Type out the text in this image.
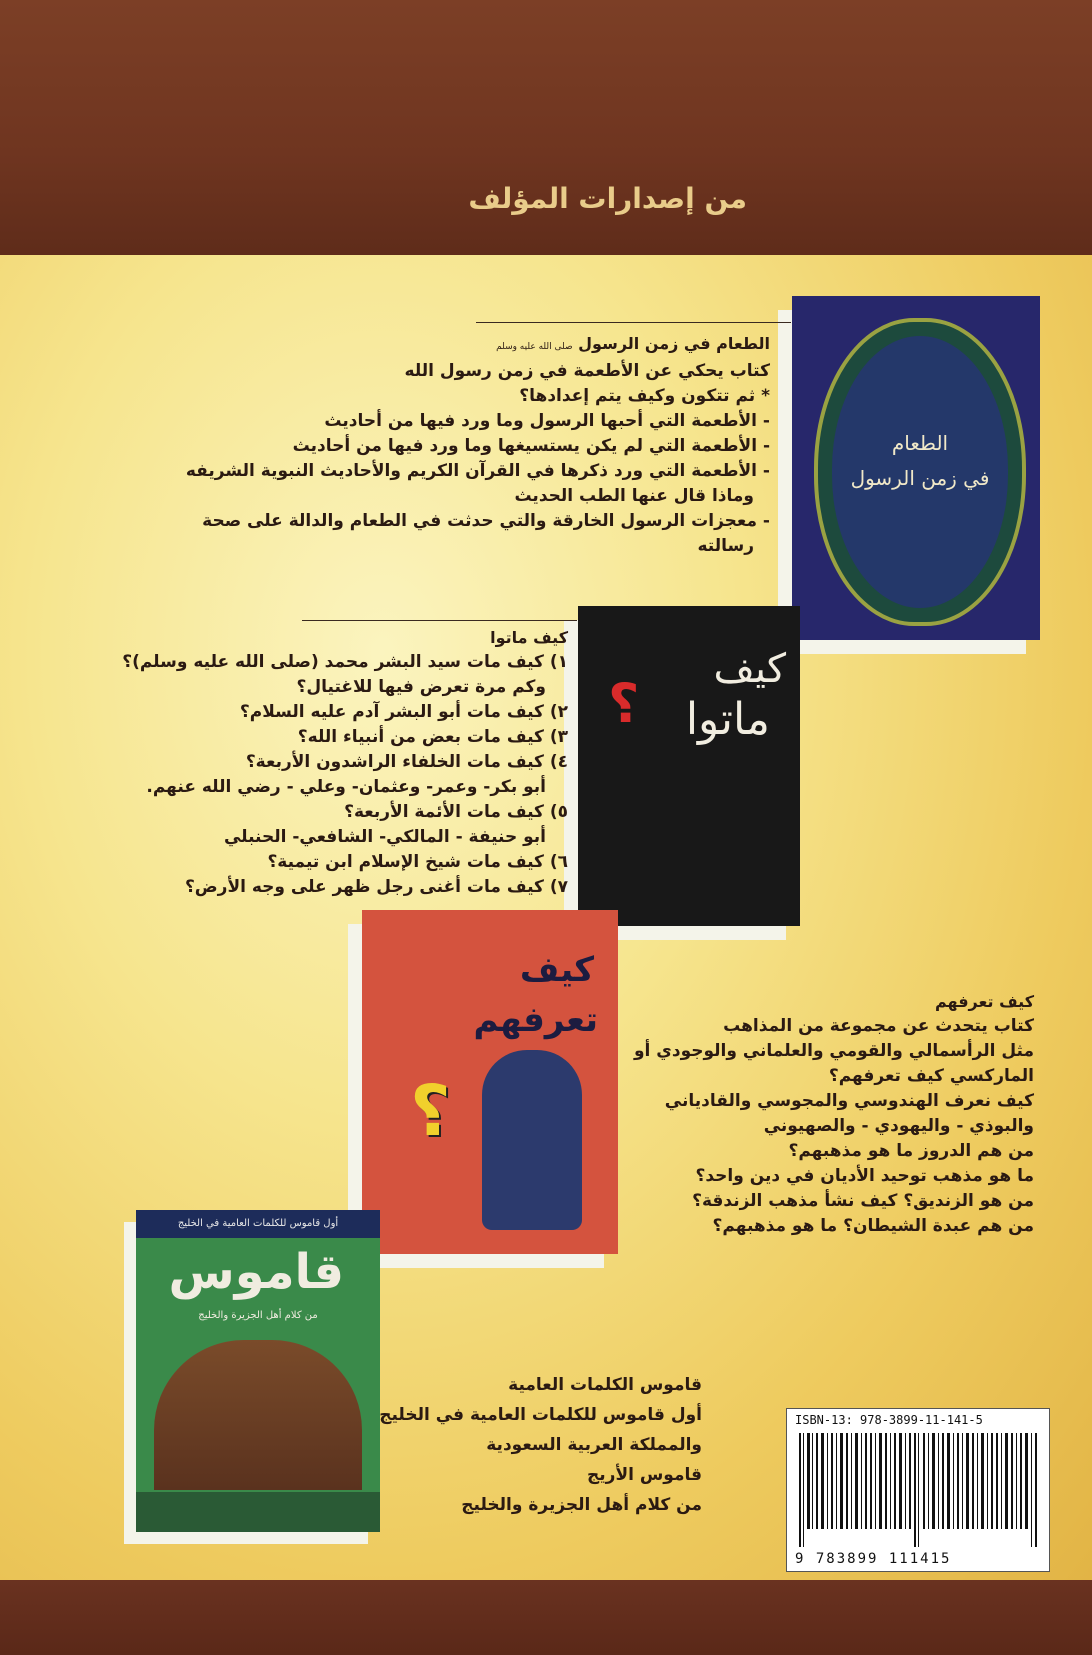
من إصدارات المؤلف
الطعام
في زمن الرسول
الطعام في زمن الرسول صلى الله عليه وسلم
كتاب يحكي عن الأطعمة في زمن رسول الله
* ثم تتكون وكيف يتم إعدادها؟
- الأطعمة التي أحبها الرسول وما ورد فيها من أحاديث
- الأطعمة التي لم يكن يستسيغها وما ورد فيها من أحاديث
- الأطعمة التي ورد ذكرها في القرآن الكريم والأحاديث النبوية الشريفه
وماذا قال عنها الطب الحديث
- معجزات الرسول الخارقة والتي حدثت في الطعام والدالة على صحة
رسالته
كيف
ماتوا
؟
كيف ماتوا
١) كيف مات سيد البشر محمد (صلى الله عليه وسلم)؟
وكم مرة تعرض فيها للاغتيال؟
٢) كيف مات أبو البشر آدم عليه السلام؟
٣) كيف مات بعض من أنبياء الله؟
٤) كيف مات الخلفاء الراشدون الأربعة؟
أبو بكر- وعمر- وعثمان- وعلي - رضي الله عنهم.
٥) كيف مات الأئمة الأربعة؟
أبو حنيفة - المالكي- الشافعي- الحنبلي
٦) كيف مات شيخ الإسلام ابن تيمية؟
٧) كيف مات أغنى رجل ظهر على وجه الأرض؟
كيف
تعرفهم
؟
كيف تعرفهم
كتاب يتحدث عن مجموعة من المذاهب
مثل الرأسمالي والقومي والعلماني والوجودي أو
الماركسي كيف تعرفهم؟
كيف نعرف الهندوسي والمجوسي والقادياني
والبوذي - واليهودي - والصهيوني
من هم الدروز ما هو مذهبهم؟
ما هو مذهب توحيد الأديان في دين واحد؟
من هو الزنديق؟ كيف نشأ مذهب الزندقة؟
من هم عبدة الشيطان؟ ما هو مذهبهم؟
أول قاموس للكلمات العامية في الخليج
قاموس
من كلام أهل الجزيرة والخليج
قاموس الكلمات العامية
أول قاموس للكلمات العامية في الخليج
والمملكة العربية السعودية
قاموس الأريج
من كلام أهل الجزيرة والخليج
ISBN-13: 978-3899-11-141-5
9 783899 111415
